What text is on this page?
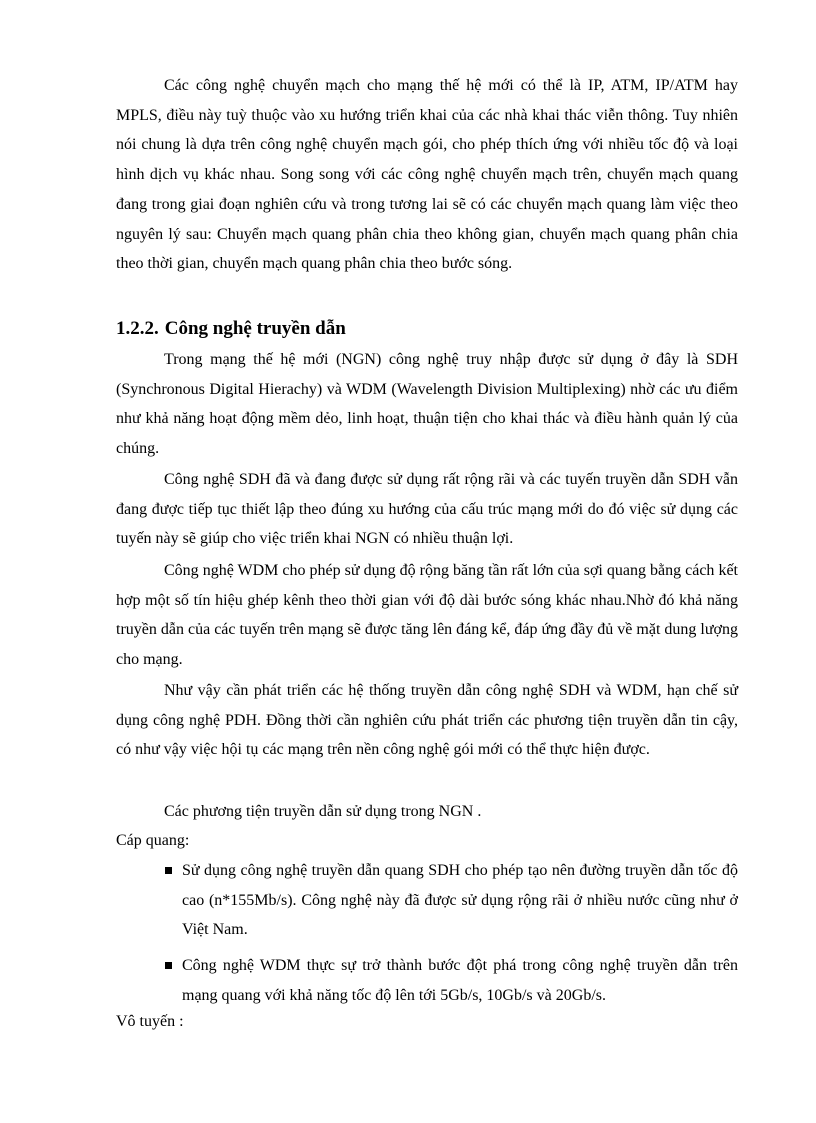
Các công nghệ chuyển mạch cho mạng thế hệ mới có thể là IP, ATM, IP/ATM hay MPLS, điều này tuỳ thuộc vào xu hướng triển khai của các nhà khai thác viễn thông. Tuy nhiên nói chung là dựa trên công nghệ chuyển mạch gói, cho phép thích ứng với nhiều tốc độ và loại hình dịch vụ khác nhau. Song song với các công nghệ chuyển mạch trên, chuyển mạch quang đang trong giai đoạn nghiên cứu và trong tương lai sẽ có các chuyển mạch quang làm việc theo nguyên lý sau: Chuyển mạch quang phân chia theo không gian, chuyển mạch quang phân chia theo thời gian, chuyển mạch quang phân chia theo bước sóng.

1.2.2. Công nghệ truyền dẫn

Trong mạng thế hệ mới (NGN) công nghệ truy nhập được sử dụng ở đây là SDH (Synchronous Digital Hierachy) và WDM (Wavelength Division Multiplexing) nhờ các ưu điểm như khả năng hoạt động mềm dẻo, linh hoạt, thuận tiện cho khai thác và điều hành quản lý của chúng.

Công nghệ SDH đã và đang được sử dụng rất rộng rãi và các tuyến truyền dẫn SDH vẫn đang được tiếp tục thiết lập theo đúng xu hướng của cấu trúc mạng mới do đó việc sử dụng các tuyến này sẽ giúp cho việc triển khai NGN có nhiều thuận lợi.

Công nghệ WDM cho phép sử dụng độ rộng băng tần rất lớn của sợi quang bằng cách kết hợp một số tín hiệu ghép kênh theo thời gian với độ dài bước sóng khác nhau.Nhờ đó khả năng truyền dẫn của các tuyến trên mạng sẽ được tăng lên đáng kể, đáp ứng đầy đủ về mặt dung lượng cho mạng.

Như vậy cần phát triển các hệ thống truyền dẫn công nghệ SDH và WDM, hạn chế sử dụng công nghệ PDH. Đồng thời cần nghiên cứu phát triển các phương tiện truyền dẫn tin cậy, có như vậy việc hội tụ các mạng trên nền công nghệ gói mới có thể thực hiện được.

Các phương tiện truyền dẫn sử dụng trong NGN .

Cáp quang:

Sử dụng công nghệ truyền dẫn quang SDH cho phép tạo nên đường truyền dẫn tốc độ cao (n*155Mb/s). Công nghệ này đã được sử dụng rộng rãi ở nhiều nước cũng như ở Việt Nam.
Công nghệ WDM thực sự trở thành bước đột phá trong công nghệ truyền dẫn trên mạng quang với khả năng tốc độ lên tới 5Gb/s, 10Gb/s và 20Gb/s.

Vô tuyến :
